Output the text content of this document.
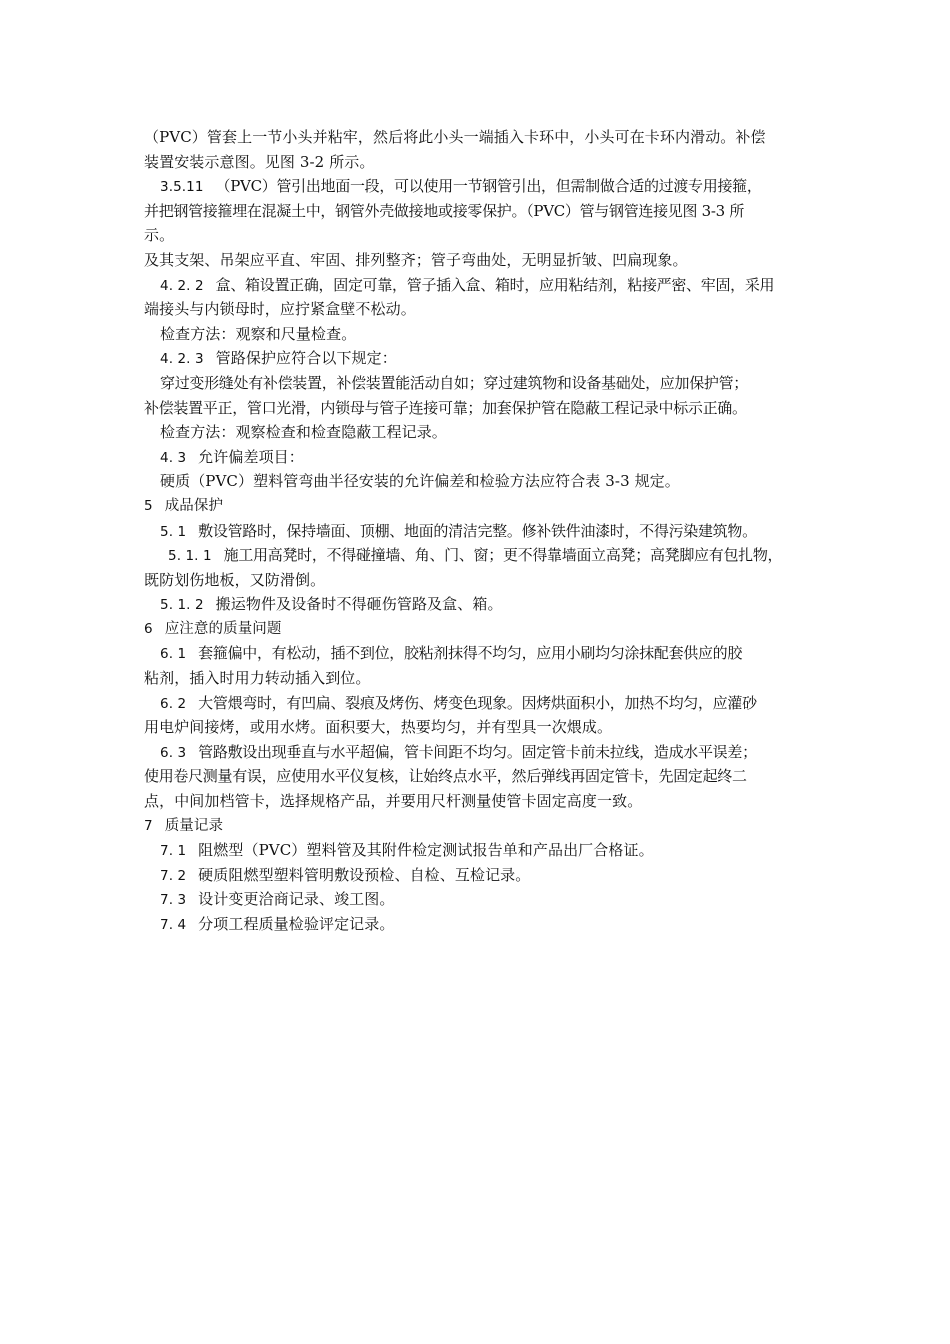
（PVC）管套上一节小头并粘牢，然后将此小头一端插入卡环中，小头可在卡环内滑动。补偿

装置安装示意图。见图 3-2 所示。

3.5.11 （PVC）管引出地面一段，可以使用一节钢管引出，但需制做合适的过渡专用接箍，

并把钢管接箍埋在混凝土中，钢管外壳做接地或接零保护。（PVC）管与钢管连接见图 3-3 所

示。

及其支架、吊架应平直、牢固、排列整齐；管子弯曲处，无明显折皱、凹扁现象。

4. 2. 2 盒、箱设置正确，固定可靠，管子插入盒、箱时，应用粘结剂，粘接严密、牢固，采用

端接头与内锁母时，应拧紧盒壁不松动。

检查方法：观察和尺量检查。

4. 2. 3 管路保护应符合以下规定：

穿过变形缝处有补偿装置，补偿装置能活动自如；穿过建筑物和设备基础处，应加保护管；

补偿装置平正，管口光滑，内锁母与管子连接可靠；加套保护管在隐蔽工程记录中标示正确。

检查方法：观察检查和检查隐蔽工程记录。

4. 3 允许偏差项目：

硬质（PVC）塑料管弯曲半径安装的允许偏差和检验方法应符合表 3-3 规定。

5 成品保护

5. 1 敷设管路时，保持墙面、顶棚、地面的清洁完整。修补铁件油漆时，不得污染建筑物。

5. 1. 1 施工用高凳时，不得碰撞墙、角、门、窗；更不得靠墙面立高凳；高凳脚应有包扎物，

既防划伤地板，又防滑倒。

5. 1. 2 搬运物件及设备时不得砸伤管路及盒、箱。

6 应注意的质量问题

6. 1 套箍偏中，有松动，插不到位，胶粘剂抹得不均匀，应用小刷均匀涂抹配套供应的胶

粘剂，插入时用力转动插入到位。

6. 2 大管煨弯时，有凹扁、裂痕及烤伤、烤变色现象。因烤烘面积小，加热不均匀，应灌砂

用电炉间接烤，或用水烤。面积要大，热要均匀，并有型具一次煨成。

6. 3 管路敷设出现垂直与水平超偏，管卡间距不均匀。固定管卡前未拉线，造成水平误差；

使用卷尺测量有误，应使用水平仪复核，让始终点水平，然后弹线再固定管卡，先固定起终二

点，中间加档管卡，选择规格产品，并要用尺杆测量使管卡固定高度一致。

7 质量记录

7. 1 阻燃型（PVC）塑料管及其附件检定测试报告单和产品出厂合格证。

7. 2 硬质阻燃型塑料管明敷设预检、自检、互检记录。

7. 3 设计变更洽商记录、竣工图。

7. 4 分项工程质量检验评定记录。
